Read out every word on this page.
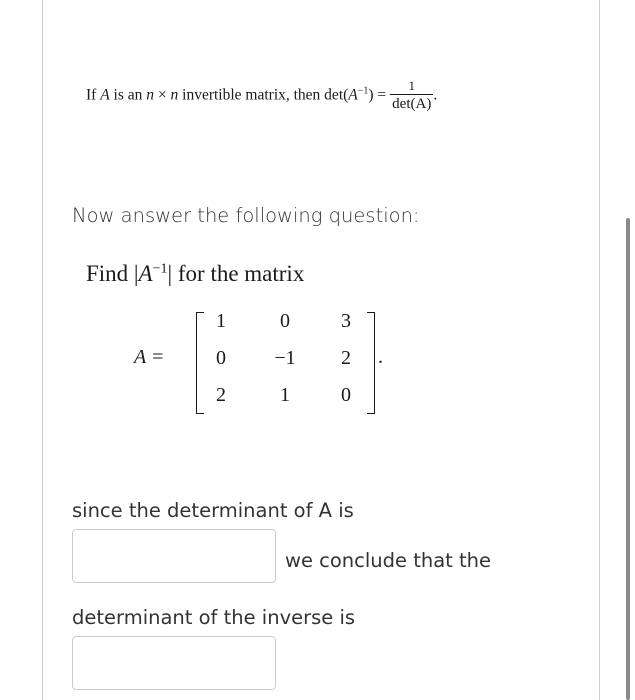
If A is an n × n invertible matrix, then $\det(A^{-1}) = \frac{1}{\det(A)}$ .
Now answer the following question:
Find $|A^{-1}|$ for the matrix
A =
1	0	3
0	−1	2
2	1	0
.
since the determinant of A is
we conclude that the
determinant of the inverse is
